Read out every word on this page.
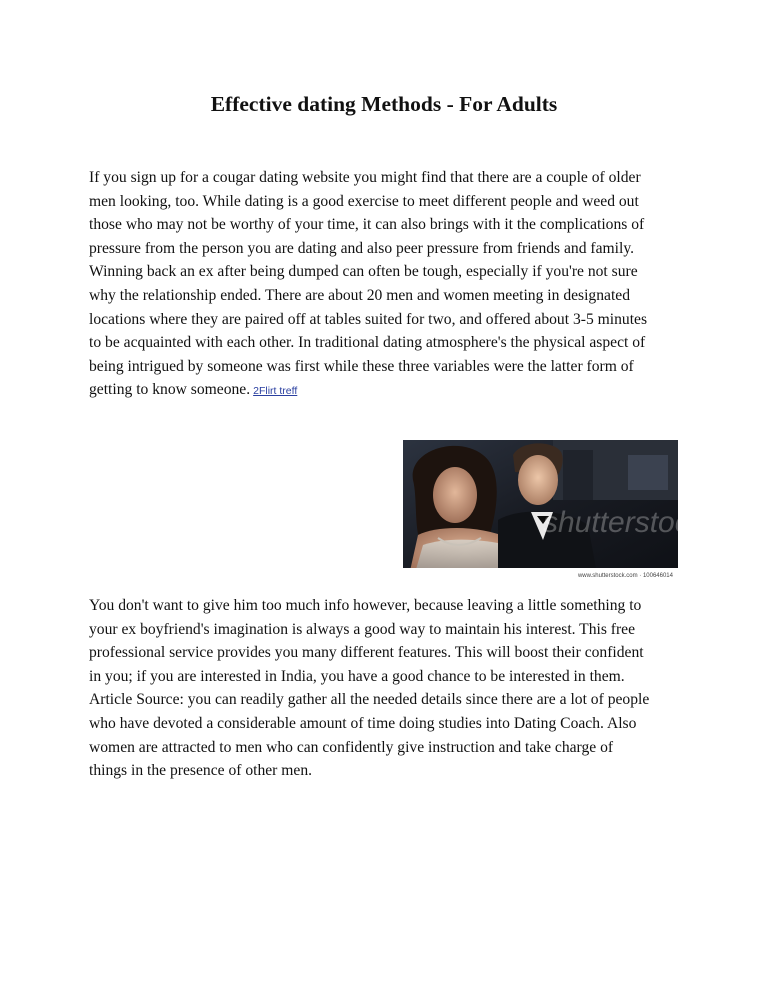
Effective dating Methods - For Adults

If you sign up for a cougar dating website you might find that there are a couple of older
men looking, too. While dating is a good exercise to meet different people and weed out
those who may not be worthy of your time, it can also brings with it the complications of
pressure from the person you are dating and also peer pressure from friends and family.
Winning back an ex after being dumped can often be tough, especially if you're not sure
why the relationship ended. There are about 20 men and women meeting in designated
locations where they are paired off at tables suited for two, and offered about 3-5 minutes
to be acquainted with each other. In traditional dating atmosphere's the physical aspect of
being intrigued by someone was first while these three variables were the latter form of
getting to know someone. 2Flirt treff

shutterstock
www.shutterstock.com · 100646014

You don't want to give him too much info however, because leaving a little something to
your ex boyfriend's imagination is always a good way to maintain his interest. This free
professional service provides you many different features. This will boost their confident
in you; if you are interested in India, you have a good chance to be interested in them.
Article Source: you can readily gather all the needed details since there are a lot of people
who have devoted a considerable amount of time doing studies into Dating Coach. Also
women are attracted to men who can confidently give instruction and take charge of
things in the presence of other men.
